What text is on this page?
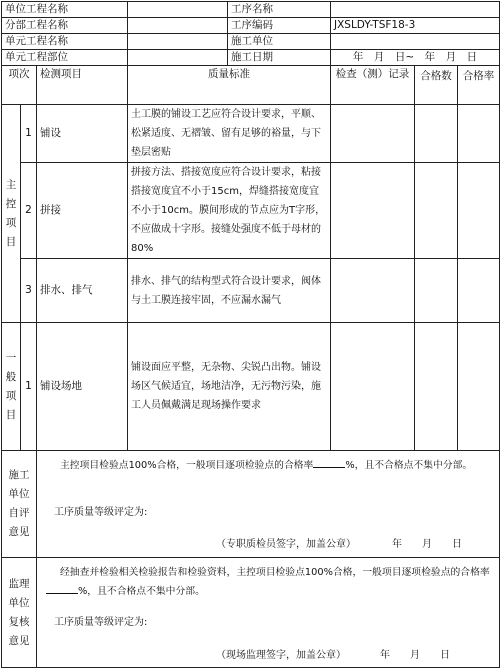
单位工程名称				工序名称			
分部工程名称				工序编码	JXSLDY-TSF18-3		
单元工程名称				施工单位			
单元工程部位				施工日期	年　月　日~　年　月　日		
项次		检测项目	质量标准		检查（测）记录	合格数	合格率
主控项目	1	铺设	土工膜的铺设工艺应符合设计要求，平顺、松紧适度、无褶皱、留有足够的裕量，与下垫层密贴				
	2	拼接	拼接方法、搭接宽度应符合设计要求，粘接搭接宽度宜不小于15cm，焊缝搭接宽度宜不小于10cm。膜间形成的节点应为T字形，不应做成十字形。接缝处强度不低于母材的80%				
	3	排水、排气	排水、排气的结构型式符合设计要求，阀体与土工膜连接牢固，不应漏水漏气				
一般项目	1	铺设场地	铺设面应平整，无杂物、尖锐凸出物。铺设场区气候适宜，场地洁净，无污物污染，施工人员佩戴满足现场操作要求				
施工单位自评意见		主控项目检验点100%合格，一般项目逐项检验点的合格率 %，且不合格点不集中分部。
工序质量等级评定为:
（专职质检员签字，加盖公章） 年　　月　　日					

监理单位复核意见		经抽查并检验相关检验报告和检验资料，主控项目检验点100%合格，一般项目逐项检验点的合格率%，且不合格点不集中分部。
工序质量等级评定为:
（现场监理签字，加盖公章） 年　　月　　日					
